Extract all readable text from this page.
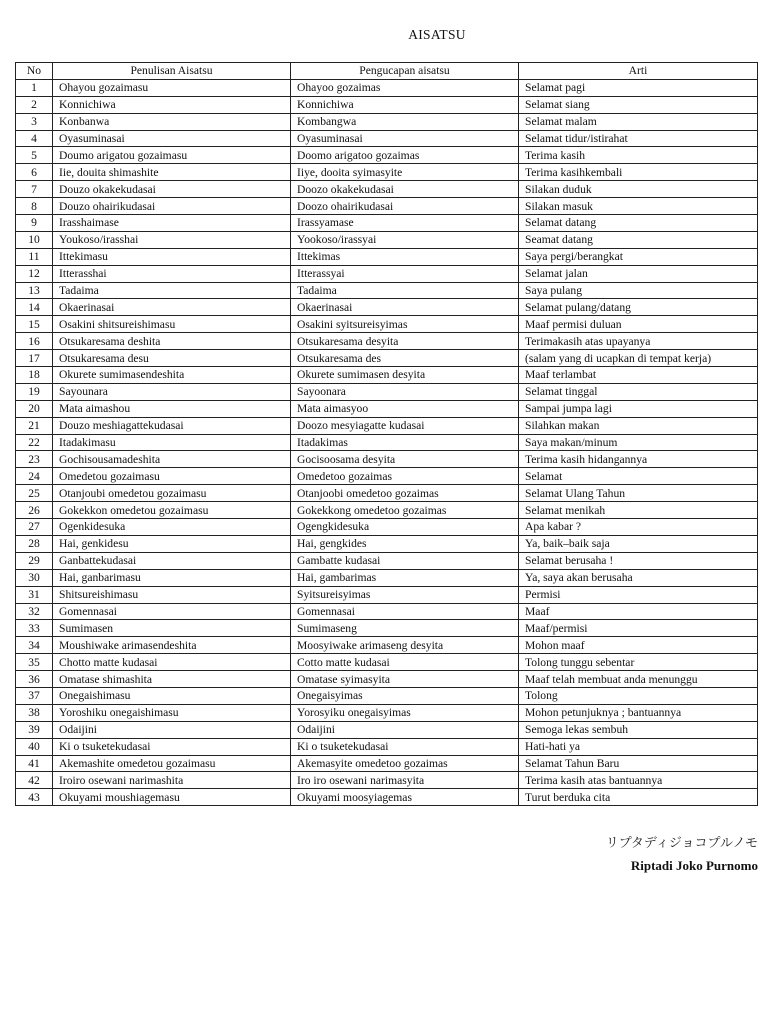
AISATSU
No	Penulisan Aisatsu	Pengucapan aisatsu	Arti
1	Ohayou gozaimasu	Ohayoo gozaimas	Selamat pagi
2	Konnichiwa	Konnichiwa	Selamat siang
3	Konbanwa	Kombangwa	Selamat malam
4	Oyasuminasai	Oyasuminasai	Selamat tidur/istirahat
5	Doumo arigatou gozaimasu	Doomo arigatoo gozaimas	Terima kasih
6	Iie, douita shimashite	Iiye, dooita syimasyite	Terima kasihkembali
7	Douzo okakekudasai	Doozo okakekudasai	Silakan duduk
8	Douzo ohairikudasai	Doozo ohairikudasai	Silakan masuk
9	Irasshaimase	Irassyamase	Selamat datang
10	Youkoso/irasshai	Yookoso/irassyai	Seamat datang
11	Ittekimasu	Ittekimas	Saya pergi/berangkat
12	Itterasshai	Itterassyai	Selamat jalan
13	Tadaima	Tadaima	Saya pulang
14	Okaerinasai	Okaerinasai	Selamat pulang/datang
15	Osakini shitsureishimasu	Osakini syitsureisyimas	Maaf permisi duluan
16	Otsukaresama deshita	Otsukaresama desyita	Terimakasih atas upayanya
17	Otsukaresama desu	Otsukaresama des	(salam yang di ucapkan di tempat kerja)
18	Okurete sumimasendeshita	Okurete sumimasen desyita	Maaf terlambat
19	Sayounara	Sayoonara	Selamat tinggal
20	Mata aimashou	Mata aimasyoo	Sampai jumpa lagi
21	Douzo meshiagattekudasai	Doozo mesyiagatte kudasai	Silahkan makan
22	Itadakimasu	Itadakimas	Saya makan/minum
23	Gochisousamadeshita	Gocisoosama desyita	Terima kasih hidangannya
24	Omedetou gozaimasu	Omedetoo gozaimas	Selamat
25	Otanjoubi omedetou gozaimasu	Otanjoobi omedetoo gozaimas	Selamat Ulang Tahun
26	Gokekkon omedetou gozaimasu	Gokekkong omedetoo gozaimas	Selamat menikah
27	Ogenkidesuka	Ogengkidesuka	Apa kabar ?
28	Hai, genkidesu	Hai, gengkides	Ya, baik–baik saja
29	Ganbattekudasai	Gambatte kudasai	Selamat berusaha !
30	Hai, ganbarimasu	Hai, gambarimas	Ya, saya akan berusaha
31	Shitsureishimasu	Syitsureisyimas	Permisi
32	Gomennasai	Gomennasai	Maaf
33	Sumimasen	Sumimaseng	Maaf/permisi
34	Moushiwake arimasendeshita	Moosyiwake arimaseng desyita	Mohon maaf
35	Chotto matte kudasai	Cotto matte kudasai	Tolong tunggu sebentar
36	Omatase shimashita	Omatase syimasyita	Maaf telah membuat anda menunggu
37	Onegaishimasu	Onegaisyimas	Tolong
38	Yoroshiku onegaishimasu	Yorosyiku onegaisyimas	Mohon petunjuknya ; bantuannya
39	Odaijini	Odaijini	Semoga lekas sembuh
40	Ki o tsuketekudasai	Ki o tsuketekudasai	Hati-hati ya
41	Akemashite omedetou gozaimasu	Akemasyite omedetoo gozaimas	Selamat Tahun Baru
42	Iroiro osewani narimashita	Iro iro osewani narimasyita	Terima kasih atas bantuannya
43	Okuyami moushiagemasu	Okuyami moosyiagemas	Turut berduka cita
リプタディジョコプルノモ
Riptadi Joko Purnomo
